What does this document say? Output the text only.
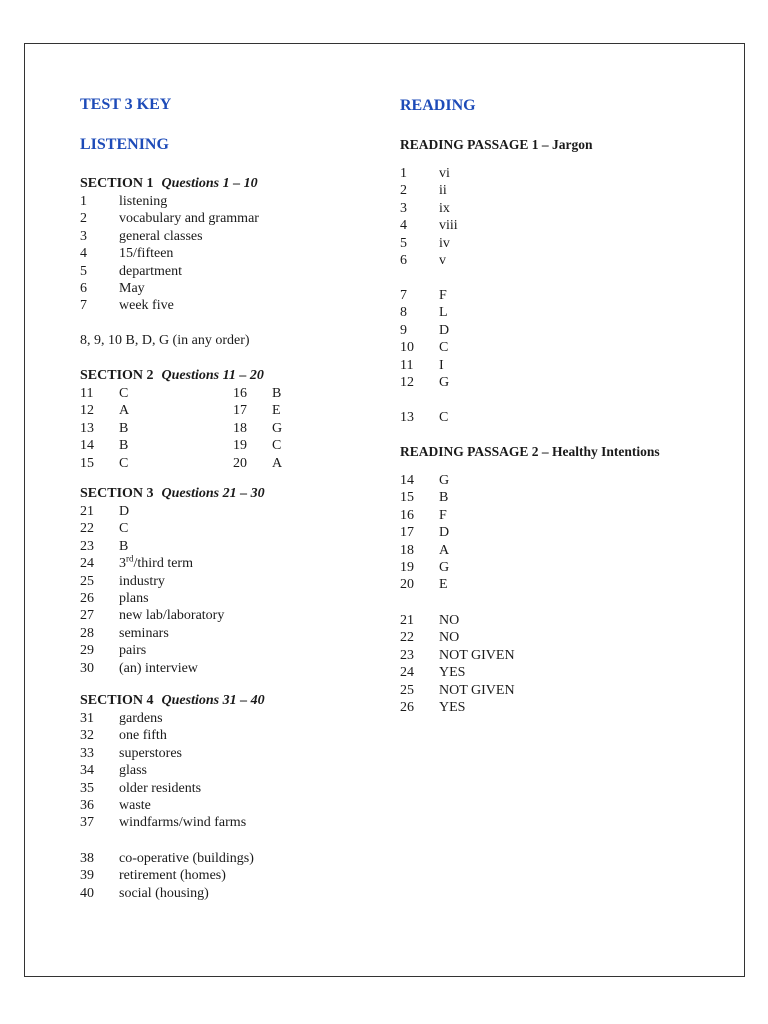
TEST 3 KEY
LISTENING
SECTION 1 Questions 1 – 10
1 listening
2 vocabulary and grammar
3 general classes
4 15/fifteen
5 department
6 May
7 week five
8, 9, 10 B, D, G (in any order)
SECTION 2 Questions 11 – 20
11	C	16	B
12	A	17	E
13	B	18	G
14	B	19	C
15	C	20	A
SECTION 3 Questions 21 – 30
21 D
22 C
23 B
24 3rd/third term
25 industry
26 plans
27 new lab/laboratory
28 seminars
29 pairs
30 (an) interview
SECTION 4 Questions 31 – 40
31 gardens
32 one fifth
33 superstores
34 glass
35 older residents
36 waste
37 windfarms/wind farms
38 co-operative (buildings)
39 retirement (homes)
40 social (housing)
READING
READING PASSAGE 1 – Jargon
1 vi
2 ii
3 ix
4 viii
5 iv
6 v
7 F
8 L
9 D
10 C
11 I
12 G
13 C
READING PASSAGE 2 – Healthy Intentions
14 G
15 B
16 F
17 D
18 A
19 G
20 E
21 NO
22 NO
23 NOT GIVEN
24 YES
25 NOT GIVEN
26 YES
